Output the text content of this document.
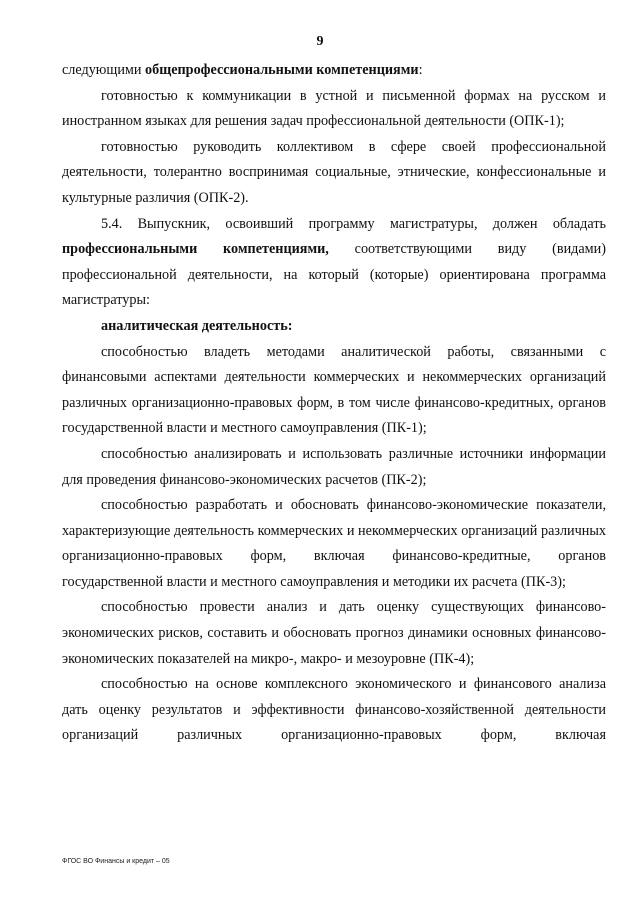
9

следующими общепрофессиональными компетенциями:

готовностью к коммуникации в устной и письменной формах на русском и иностранном языках для решения задач профессиональной деятельности (ОПК-1);

готовностью руководить коллективом в сфере своей профессиональной деятельности, толерантно воспринимая социальные, этнические, конфессиональные и культурные различия (ОПК-2).

5.4. Выпускник, освоивший программу магистратуры, должен обладать профессиональными компетенциями, соответствующими виду (видами) профессиональной деятельности, на который (которые) ориентирована программа магистратуры:

аналитическая деятельность:

способностью владеть методами аналитической работы, связанными с финансовыми аспектами деятельности коммерческих и некоммерческих организаций различных организационно-правовых форм, в том числе финансово-кредитных, органов государственной власти и местного самоуправления (ПК-1);

способностью анализировать и использовать различные источники информации для проведения финансово-экономических расчетов (ПК-2);

способностью разработать и обосновать финансово-экономические показатели, характеризующие деятельность коммерческих и некоммерческих организаций различных организационно-правовых форм, включая финансово-кредитные, органов государственной власти и местного самоуправления и методики их расчета (ПК-3);

способностью провести анализ и дать оценку существующих финансово-экономических рисков, составить и обосновать прогноз динамики основных финансово-экономических показателей на микро-, макро- и мезоуровне (ПК-4);

способностью на основе комплексного экономического и финансового анализа дать оценку результатов и эффективности финансово-хозяйственной деятельности организаций различных организационно-правовых форм, включая

ФГОС ВО Финансы и кредит – 05
